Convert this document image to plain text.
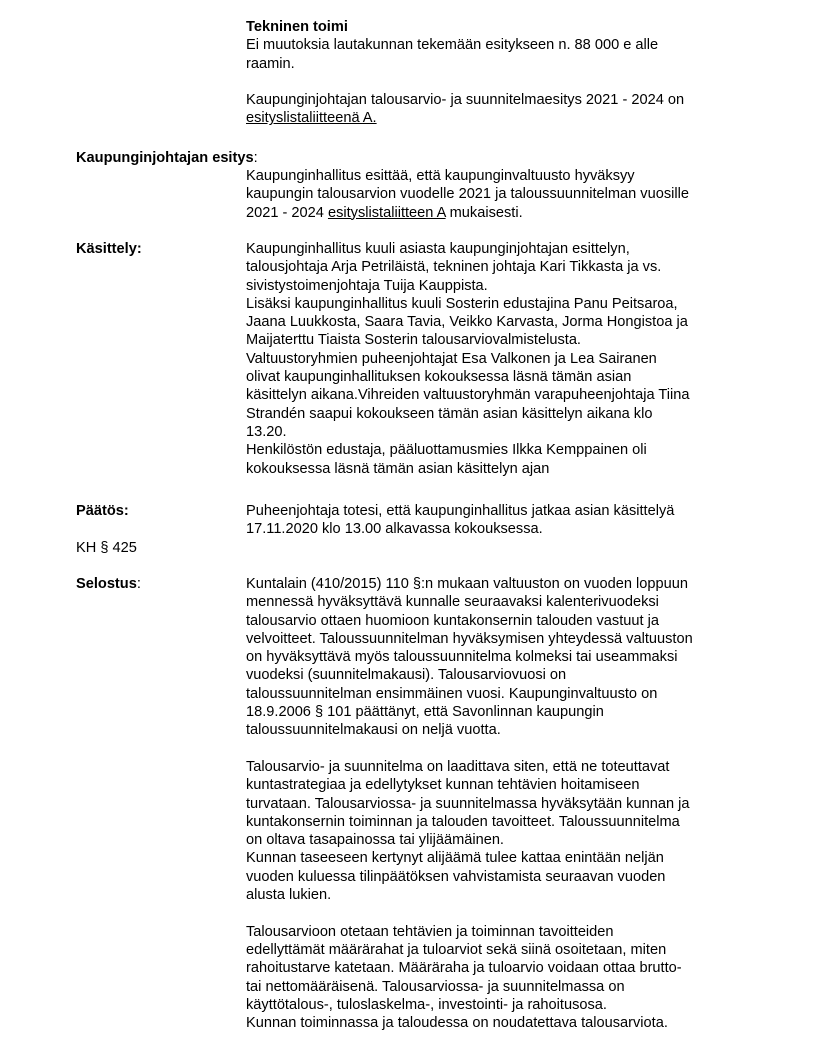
Tekninen toimi
Ei muutoksia lautakunnan tekemään esitykseen n. 88 000 e alle
raamin.
Kaupunginjohtajan talousarvio- ja suunnitelmaesitys 2021 - 2024 on
esityslistaliitteenä A.
Kaupunginjohtajan esitys:
Kaupunginhallitus esittää, että kaupunginvaltuusto hyväksyy
kaupungin talousarvion vuodelle 2021 ja taloussuunnitelman vuosille
2021 - 2024 esityslistaliitteen A mukaisesti.
Käsittely:	Kaupunginhallitus kuuli asiasta kaupunginjohtajan esittelyn,
talousjohtaja Arja Petriläistä, tekninen johtaja Kari Tikkasta ja vs.
sivistystoimenjohtaja Tuija Kauppista.
Lisäksi kaupunginhallitus kuuli Sosterin edustajina Panu Peitsaroa,
Jaana Luukkosta, Saara Tavia, Veikko Karvasta, Jorma Hongistoa ja
Maijaterttu Tiaista Sosterin talousarviovalmistelusta.
Valtuustoryhmien puheenjohtajat Esa Valkonen ja Lea Sairanen
olivat kaupunginhallituksen kokouksessa läsnä tämän asian
käsittelyn aikana.Vihreiden valtuustoryhmän varapuheenjohtaja Tiina
Strandén saapui kokoukseen tämän asian käsittelyn aikana klo
13.20.
Henkilöstön edustaja, pääluottamusmies Ilkka Kemppainen oli
kokouksessa läsnä tämän asian käsittelyn ajan
Päätös:	Puheenjohtaja totesi, että kaupunginhallitus jatkaa asian käsittelyä
17.11.2020 klo 13.00 alkavassa kokouksessa.
KH § 425
Selostus:	Kuntalain (410/2015) 110 §:n mukaan valtuuston on vuoden loppuun
mennessä hyväksyttävä kunnalle seuraavaksi kalenterivuodeksi
talousarvio ottaen huomioon kuntakonsernin talouden vastuut ja
velvoitteet. Taloussuunnitelman hyväksymisen yhteydessä valtuuston
on hyväksyttävä myös taloussuunnitelma kolmeksi tai useammaksi
vuodeksi (suunnitelmakausi). Talousarviovuosi on
taloussuunnitelman ensimmäinen vuosi. Kaupunginvaltuusto on
18.9.2006 § 101 päättänyt, että Savonlinnan kaupungin
taloussuunnitelmakausi on neljä vuotta.
Talousarvio- ja suunnitelma on laadittava siten, että ne toteuttavat
kuntastrategiaa ja edellytykset kunnan tehtävien hoitamiseen
turvataan. Talousarviossa- ja suunnitelmassa hyväksytään kunnan ja
kuntakonsernin toiminnan ja talouden tavoitteet. Taloussuunnitelma
on oltava tasapainossa tai ylijäämäinen.
Kunnan taseeseen kertynyt alijäämä tulee kattaa enintään neljän
vuoden kuluessa tilinpäätöksen vahvistamista seuraavan vuoden
alusta lukien.
Talousarvioon otetaan tehtävien ja toiminnan tavoitteiden
edellyttämät määrärahat ja tuloarviot sekä siinä osoitetaan, miten
rahoitustarve katetaan. Määräraha ja tuloarvio voidaan ottaa brutto-
tai nettomääräisenä. Talousarviossa- ja suunnitelmassa on
käyttötalous-, tuloslaskelma-, investointi- ja rahoitusosa.
Kunnan toiminnassa ja taloudessa on noudatettava talousarviota.
